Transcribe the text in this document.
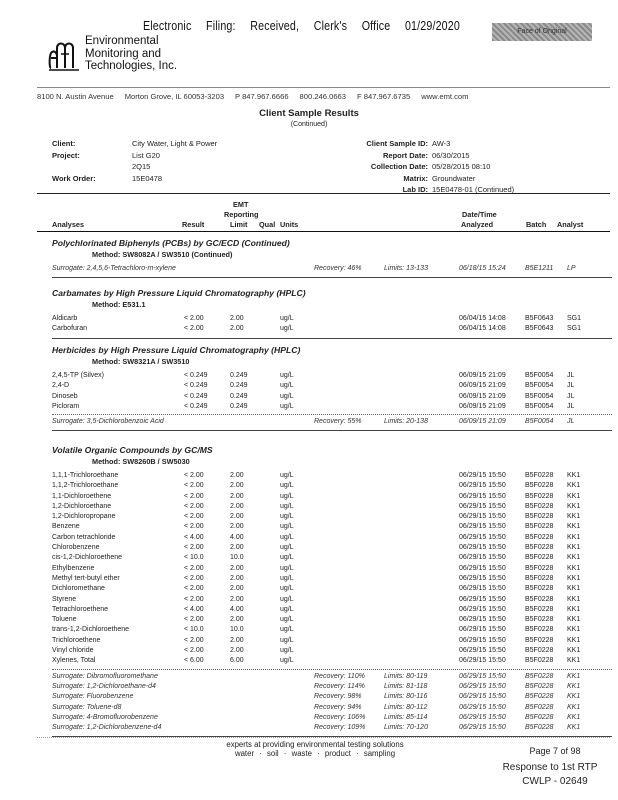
Electronic Filing: Received, Clerk's Office 01/29/2020	Face of Original
Environmental
Monitoring and
Technologies, Inc.
8100 N. Austin Avenue Morton Grove, IL 60053-3203 P 847.967.6666 800.246.0663 F 847.967.6735 www.emt.com
Client Sample Results
(Continued)
Client:	City Water, Light & Power
Project:	List G20
2Q15
Work Order:	15E0478
Client Sample ID: AW-3
Report Date: 06/30/2015
Collection Date: 05/28/2015 08:10
Matrix: Groundwater
Lab ID: 15E0478-01 (Continued)
Analyses	Result
EMT
Reporting
Limit Qual Units
Date/Time
Analyzed	Batch Analyst
Polychlorinated Biphenyls (PCBs) by GC/ECD (Continued)
Method: SW8082A / SW3510 (Continued)
Surrogate: 2,4,5,6-Tetrachloro-m-xylene	Recovery: 46%	Limits: 13-133	06/18/15 15:24	B5E1211 LP
Carbamates by High Pressure Liquid Chromatography (HPLC)
Method: E531.1
Aldicarb	< 2.00	2.00	ug/L	06/04/15 14:08	B5F0643 SG1
Carbofuran	< 2.00	2.00	ug/L	06/04/15 14:08	B5F0643 SG1
Herbicides by High Pressure Liquid Chromatography (HPLC)
Method: SW8321A / SW3510
2,4,5-TP (Silvex)	< 0.249	0.249	ug/L	06/09/15 21:09	B5F0054 JL
2,4-D	< 0.249	0.249	ug/L	06/09/15 21:09	B5F0054 JL
Dinoseb	< 0.249	0.249	ug/L	06/09/15 21:09	B5F0054 JL
Picloram	< 0.249	0.249	ug/L	06/09/15 21:09	B5F0054 JL
Surrogate: 3,5-Dichlorobenzoic Acid	Recovery: 55%	Limits: 20-138	06/09/15 21:09	B5F0054 JL
Volatile Organic Compounds by GC/MS
Method: SW8260B / SW5030
1,1,1-Trichloroethane	< 2.00	2.00	ug/L	06/29/15 15:50	B5F0228 KK1
1,1,2-Trichloroethane	< 2.00	2.00	ug/L	06/29/15 15:50	B5F0228 KK1
1,1-Dichloroethene	< 2.00	2.00	ug/L	06/29/15 15:50	B5F0228 KK1
1,2-Dichloroethane	< 2.00	2.00	ug/L	06/29/15 15:50	B5F0228 KK1
1,2-Dichloropropane	< 2.00	2.00	ug/L	06/29/15 15:50	B5F0228 KK1
Benzene	< 2.00	2.00	ug/L	06/29/15 15:50	B5F0228 KK1
Carbon tetrachloride	< 4.00	4.00	ug/L	06/29/15 15:50	B5F0228 KK1
Chlorobenzene	< 2.00	2.00	ug/L	06/29/15 15:50	B5F0228 KK1
cis-1,2-Dichloroethene	< 10.0	10.0	ug/L	06/29/15 15:50	B5F0228 KK1
Ethylbenzene	< 2.00	2.00	ug/L	06/29/15 15:50	B5F0228 KK1
Methyl tert-butyl ether	< 2.00	2.00	ug/L	06/29/15 15:50	B5F0228 KK1
Dichloromethane	< 2.00	2.00	ug/L	06/29/15 15:50	B5F0228 KK1
Styrene	< 2.00	2.00	ug/L	06/29/15 15:50	B5F0228 KK1
Tetrachloroethene	< 4.00	4.00	ug/L	06/29/15 15:50	B5F0228 KK1
Toluene	< 2.00	2.00	ug/L	06/29/15 15:50	B5F0228 KK1
trans-1,2-Dichloroethene	< 10.0	10.0	ug/L	06/29/15 15:50	B5F0228 KK1
Trichloroethene	< 2.00	2.00	ug/L	06/29/15 15:50	B5F0228 KK1
Vinyl chloride	< 2.00	2.00	ug/L	06/29/15 15:50	B5F0228 KK1
Xylenes, Total	< 6.00	6.00	ug/L	06/29/15 15:50	B5F0228 KK1
Surrogate: Dibromofluoromethane	Recovery: 110%	Limits: 80-119	06/29/15 15:50	B5F0228 KK1
Surrogate: 1,2-Dichloroethane-d4	Recovery: 114%	Limits: 81-118	06/29/15 15:50	B5F0228 KK1
Surrogate: Fluorobenzene	Recovery: 98%	Limits: 80-116	06/29/15 15:50	B5F0228 KK1
Surrogate: Toluene-d8	Recovery: 94%	Limits: 80-112	06/29/15 15:50	B5F0228 KK1
Surrogate: 4-Bromofluorobenzene	Recovery: 106%	Limits: 85-114	06/29/15 15:50	B5F0228 KK1
Surrogate: 1,2-Dichlorobenzene-d4	Recovery: 109%	Limits: 70-120	06/29/15 15:50	B5F0228 KK1
experts at providing environmental testing solutions
water · soil · waste · product · sampling	Page 7 of 98
Response to 1st RTP
CWLP - 02649
